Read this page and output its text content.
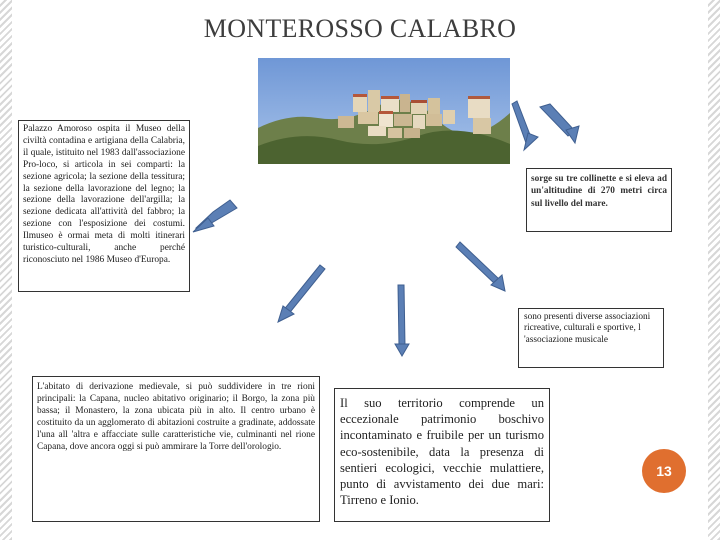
MONTEROSSO CALABRO

Palazzo Amoroso ospita il Museo della civiltà contadina e artigiana della Calabria, il quale, istituito nel 1983 dall'associazione Pro-loco, si articola in sei comparti: la sezione agricola; la sezione della tessitura; la sezione della lavorazione del legno; la sezione della lavorazione dell'argilla; la sezione dedicata all'attività del fabbro; la sezione con l'esposizione dei costumi. Ilmuseo è ormai meta di molti itinerari turistico-culturali, anche perché riconosciuto nel 1986 Museo d'Europa.

sorge su tre collinette e si eleva ad un'altitudine di 270 metri circa sul livello del mare.

sono presenti diverse associazioni ricreative, culturali e sportive, l 'associazione musicale

L'abitato di derivazione medievale, si può suddividere in tre rioni principali: la Capana, nucleo abitativo originario; il Borgo, la zona più bassa; il Monastero, la zona ubicata più in alto. Il centro urbano è costituito da un agglomerato di abitazioni costruite a gradinate, addossate l'una all 'altra e affacciate sulle caratteristiche vie, culminanti nel rione Capana, dove ancora oggi si può ammirare la Torre dell'orologio.

Il suo territorio comprende un eccezionale patrimonio boschivo incontaminato e fruibile per un turismo eco-sostenibile, data la presenza di sentieri ecologici, vecchie mulattiere, punto di avvistamento dei due mari: Tirreno e Ionio.

13
